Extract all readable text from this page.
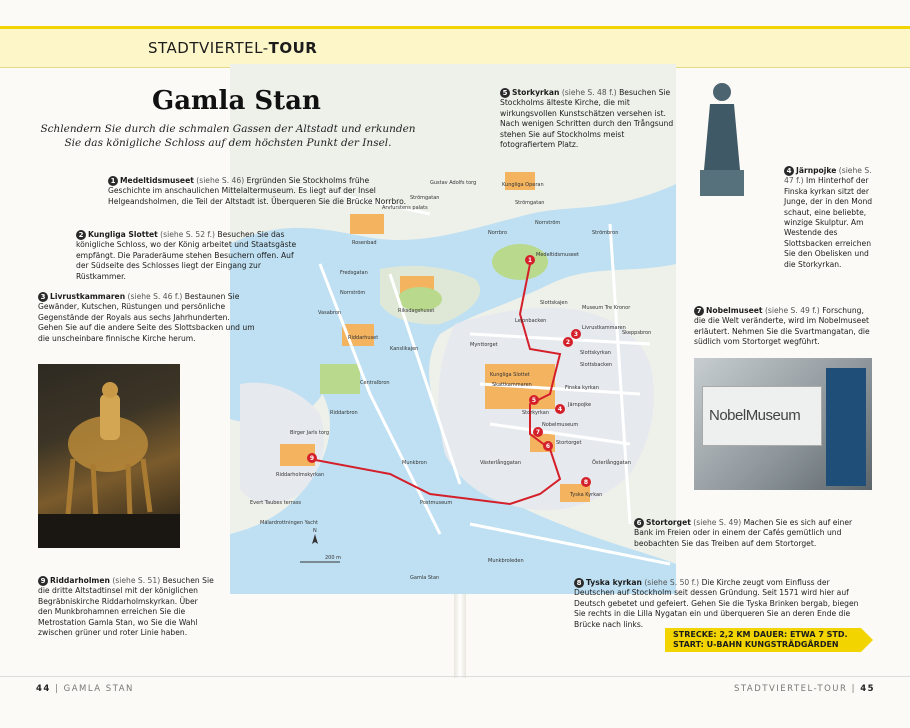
STADTVIERTEL-TOUR
1
2
3
4
5
6
7
8
9
Norrström
Norrström
Strömgatan
Strömgatan
Gustav Adolfs torg	Kungliga Operan
Arvfurstens palats
Rosenbad
Riksdagshuset
Medeltidsmuseet
Museum Tre Kronor
Livrustkammaren
Kungliga Slottet
Skattkammaren
Slottskyrkan
Finska kyrkan
Järnpojke
Storkyrkan
Nobelmuseum
Stortorget
Tyska Kyrkan
Riddarhuset
Riddarholmskyrkan
Birger Jarls torg
Mälardrottningen Yacht
Postmuseum
Mynttorget
Evert Taubes terrass
Gamla Stan
Fredsgatan
Vasabron
Centralbron
Munkbron
Slottskajen
Skeppsbron
Strömbron
Västerlånggatan	Österlånggatan
Munkbroleden
Norrbro
Riddarbron
Lejonbacken
Slottsbacken
Kanslikajen
200 m
N
Gamla Stan
Schlendern Sie durch die schmalen Gassen der Altstadt und erkunden Sie das königliche Schloss auf dem höchsten Punkt der Insel.
1 Medeltidsmuseet (siehe S. 46) Ergründen Sie Stockholms frühe Geschichte im anschaulichen Mittelaltermuseum. Es liegt auf der Insel Helgeandsholmen, die Teil der Altstadt ist. Überqueren Sie die Brücke Norrbro.
2 Kungliga Slottet (siehe S. 52 f.) Besuchen Sie das königliche Schloss, wo der König arbeitet und Staatsgäste empfängt. Die Paraderäume stehen Besuchern offen. Auf der Südseite des Schlosses liegt der Eingang zur Rüstkammer.
3 Livrustkammaren (siehe S. 46 f.) Bestaunen Sie Gewänder, Kutschen, Rüstungen und persönliche Gegenstände der Royals aus sechs Jahrhunderten. Gehen Sie auf die andere Seite des Slottsbacken und um die unscheinbare finnische Kirche herum.
4 Järnpojke (siehe S. 47 f.) Im Hinterhof der Finska kyrkan sitzt der Junge, der in den Mond schaut, eine beliebte, winzige Skulptur. Am Westende des Slottsbacken erreichen Sie den Obelisken und die Storkyrkan.
5 Storkyrkan (siehe S. 48 f.) Besuchen Sie Stockholms älteste Kirche, die mit wirkungsvollen Kunstschätzen versehen ist. Nach wenigen Schritten durch den Trångsund stehen Sie auf Stockholms meist fotografiertem Platz.
6 Stortorget (siehe S. 49) Machen Sie es sich auf einer Bank im Freien oder in einem der Cafés gemütlich und beobachten Sie das Treiben auf dem Stortorget.
7 Nobelmuseet (siehe S. 49 f.) Forschung, die die Welt veränderte, wird im Nobelmuseet erläutert. Nehmen Sie die Svartmangatan, die südlich vom Stortorget wegführt.
8 Tyska kyrkan (siehe S. 50 f.) Die Kirche zeugt vom Einfluss der Deutschen auf Stockholm seit dessen Gründung. Seit 1571 wird hier auf Deutsch gebetet und gefeiert. Gehen Sie die Tyska Brinken bergab, biegen Sie rechts in die Lilla Nygatan ein und überqueren Sie an deren Ende die Brücke nach links.
9 Riddarholmen (siehe S. 51) Besuchen Sie die dritte Altstadtinsel mit der königlichen Begräbniskirche Riddarholmskyrkan. Über den Munkbrohamnen erreichen Sie die Metrostation Gamla Stan, wo Sie die Wahl zwischen grüner und roter Linie haben.
NobelMuseum
STRECKE: 2,2 KM DAUER: ETWA 7 STD.
START: U-BAHN KUNGSTRÄDGÅRDEN
44 | GAMLA STAN	STADTVIERTEL-TOUR | 45
